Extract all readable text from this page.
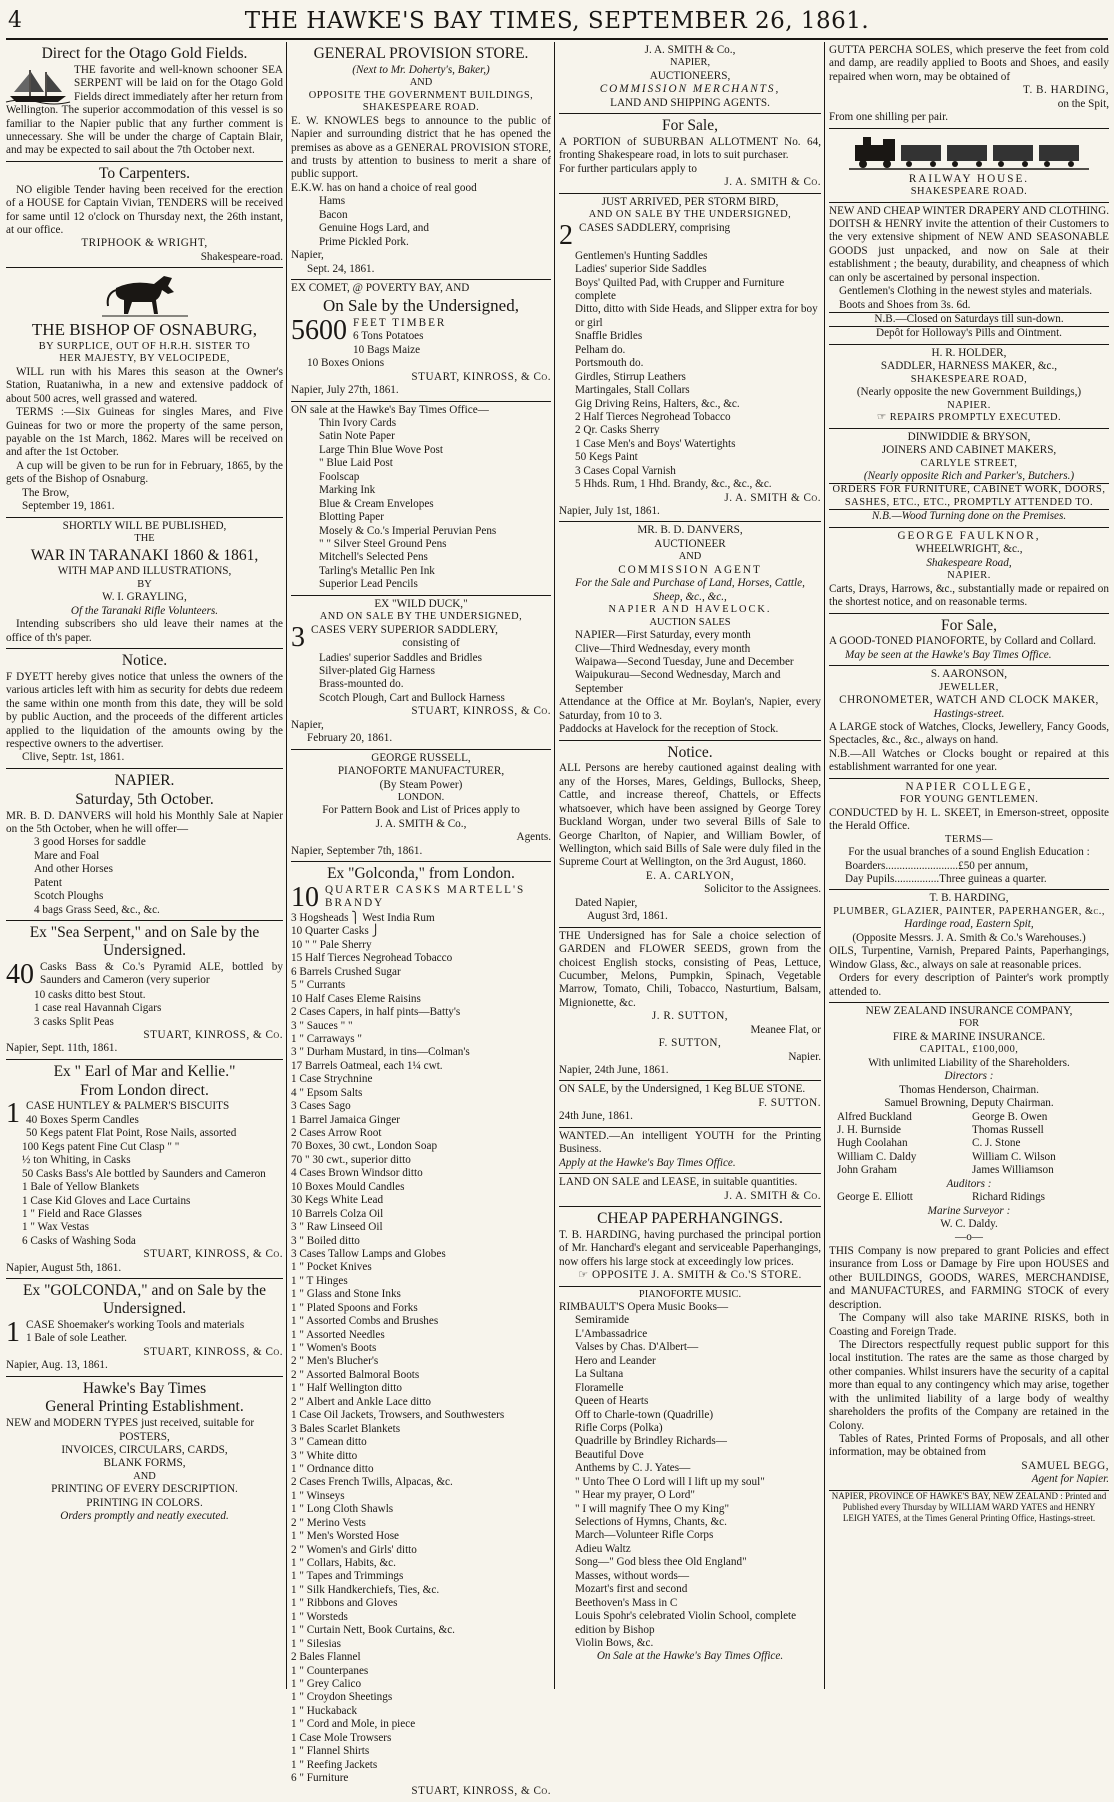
4	THE HAWKE'S BAY TIMES, SEPTEMBER 26, 1861.
Direct for the Otago Gold Fields.

THE favorite and well-known schooner SEA SERPENT will be laid on for the Otago Gold Fields direct immediately after her return from Wellington. The superior accommodation of this vessel is so familiar to the Napier public that any further comment is unnecessary. She will be under the charge of Captain Blair, and may be expected to sail about the 7th October next.

To Carpenters.

NO eligible Tender having been received for the erection of a HOUSE for Captain Vivian, TENDERS will be received for same until 12 o'clock on Thursday next, the 26th instant, at our office.

TRIPHOOK & WRIGHT,
Shakespeare-road.
THE BISHOP OF OSNABURG,
BY SURPLICE, OUT OF H.R.H. SISTER TO
HER MAJESTY, BY VELOCIPEDE,

WILL run with his Mares this season at the Owner's Station, Ruataniwha, in a new and extensive paddock of about 500 acres, well grassed and watered.

TERMS :—Six Guineas for singles Mares, and Five Guineas for two or more the property of the same person, payable on the 1st March, 1862. Mares will be received on and after the 1st October.

A cup will be given to be run for in February, 1865, by the gets of the Bishop of Osnaburg.

The Brow,
September 19, 1861.
SHORTLY WILL BE PUBLISHED,
THE
WAR IN TARANAKI 1860 & 1861,
WITH MAP AND ILLUSTRATIONS,
BY
W. I. GRAYLING,
Of the Taranaki Rifle Volunteers.

Intending subscribers sho uld leave their names at the office of th's paper.

Notice.

F DYETT hereby gives notice that unless the owners of the various articles left with him as security for debts due redeem the same within one month from this date, they will be sold by public Auction, and the proceeds of the different articles applied to the liquidation of the amounts owing by the respective owners to the advertiser.

Clive, Septr. 1st, 1861.
NAPIER.
Saturday, 5th October.

MR. B. D. DANVERS will hold his Monthly Sale at Napier on the 5th October, when he will offer—

3 good Horses for saddle
Mare and Foal
And other Horses
Patent
Scotch Ploughs
4 bags Grass Seed, &c., &c.
Ex "Sea Serpent," and on Sale by the Undersigned.
40 Casks Bass & Co.'s Pyramid ALE, bottled by Saunders and Cameron (very superior

10 casks ditto best Stout.
1 case real Havannah Cigars
3 casks Split Peas
STUART, KINROSS, & Co.
Napier, Sept. 11th, 1861.
Ex " Earl of Mar and Kellie."
From London direct.
1 CASE HUNTLEY & PALMER'S BISCUITS
40 Boxes Sperm Candles
50 Kegs patent Flat Point, Rose Nails, assorted
100 Kegs patent Fine Cut Clasp " "
½ ton Whiting, in Casks
50 Casks Bass's Ale bottled by Saunders and Cameron
1 Bale of Yellow Blankets
1 Case Kid Gloves and Lace Curtains
1 " Field and Race Glasses
1 " Wax Vestas
6 Casks of Washing Soda
STUART, KINROSS, & Co.
Napier, August 5th, 1861.
Ex "GOLCONDA," and on Sale by the Undersigned.
1 CASE Shoemaker's working Tools and materials
1 Bale of sole Leather.
STUART, KINROSS, & Co.
Napier, Aug. 13, 1861.
Hawke's Bay Times
General Printing Establishment.

NEW and MODERN TYPES just received, suitable for

POSTERS,
INVOICES, CIRCULARS, CARDS,
BLANK FORMS,
AND
PRINTING OF EVERY DESCRIPTION.
PRINTING IN COLORS.
Orders promptly and neatly executed.
GENERAL PROVISION STORE.
(Next to Mr. Doherty's, Baker,)
AND
OPPOSITE THE GOVERNMENT BUILDINGS, SHAKESPEARE ROAD.

E. W. KNOWLES begs to announce to the public of Napier and surrounding district that he has opened the premises as above as a GENERAL PROVISION STORE, and trusts by attention to business to merit a share of public support.

E.K.W. has on hand a choice of real good
Hams
Bacon
Genuine Hogs Lard, and
Prime Pickled Pork.
Napier,
Sept. 24, 1861.
EX COMET, @ POVERTY BAY, AND
On Sale by the Undersigned,
5600 FEET TIMBER
6 Tons Potatoes
10 Bags Maize
10 Boxes Onions
STUART, KINROSS, & Co.
Napier, July 27th, 1861.

ON sale at the Hawke's Bay Times Office—

Thin Ivory Cards
Satin Note Paper
Large Thin Blue Wove Post
" Blue Laid Post
Foolscap
Marking Ink
Blue & Cream Envelopes
Blotting Paper
Mosely & Co.'s Imperial Peruvian Pens
" " Silver Steel Ground Pens
Mitchell's Selected Pens
Tarling's Metallic Pen Ink
Superior Lead Pencils
EX "WILD DUCK,"
AND ON SALE BY THE UNDERSIGNED,
3 CASES VERY SUPERIOR SADDLERY,
consisting of
Ladies' superior Saddles and Bridles
Silver-plated Gig Harness
Brass-mounted do.
Scotch Plough, Cart and Bullock Harness
STUART, KINROSS, & Co.
Napier,
February 20, 1861.
GEORGE RUSSELL,
PIANOFORTE MANUFACTURER,
(By Steam Power)
LONDON.
For Pattern Book and List of Prices apply to
J. A. SMITH & Co.,
Agents.
Napier, September 7th, 1861.
Ex "Golconda," from London.
10 QUARTER CASKS MARTELL'S BRANDY
3 Hogsheads ⎫ West India Rum
10 Quarter Casks ⎭
10 " " Pale Sherry
15 Half Tierces Negrohead Tobacco
6 Barrels Crushed Sugar
5 " Currants
10 Half Cases Eleme Raisins
2 Cases Capers, in half pints—Batty's
3 " Sauces " "
1 " Carraways "
3 " Durham Mustard, in tins—Colman's
17 Barrels Oatmeal, each 1¼ cwt.
1 Case Strychnine
4 " Epsom Salts
3 Cases Sago
1 Barrel Jamaica Ginger
2 Cases Arrow Root
70 Boxes, 30 cwt., London Soap
70 " 30 cwt., superior ditto
4 Cases Brown Windsor ditto
10 Boxes Mould Candles
30 Kegs White Lead
10 Barrels Colza Oil
3 " Raw Linseed Oil
3 " Boiled ditto
3 Cases Tallow Lamps and Globes
1 " Pocket Knives
1 " T Hinges
1 " Glass and Stone Inks
1 " Plated Spoons and Forks
1 " Assorted Combs and Brushes
1 " Assorted Needles
1 " Women's Boots
2 " Men's Blucher's
2 " Assorted Balmoral Boots
1 " Half Wellington ditto
2 " Albert and Ankle Lace ditto
1 Case Oil Jackets, Trowsers, and Southwesters
3 Bales Scarlet Blankets
3 " Camean ditto
3 " White ditto
1 " Ordnance ditto
2 Cases French Twills, Alpacas, &c.
1 " Winseys
1 " Long Cloth Shawls
2 " Merino Vests
1 " Men's Worsted Hose
2 " Women's and Girls' ditto
1 " Collars, Habits, &c.
1 " Tapes and Trimmings
1 " Silk Handkerchiefs, Ties, &c.
1 " Ribbons and Gloves
1 " Worsteds
1 " Curtain Nett, Book Curtains, &c.
1 " Silesias
2 Bales Flannel
1 " Counterpanes
1 " Grey Calico
1 " Croydon Sheetings
1 " Huckaback
1 " Cord and Mole, in piece
1 Case Mole Trowsers
1 " Flannel Shirts
1 " Reefing Jackets
6 " Furniture
STUART, KINROSS, & Co.
J. A. SMITH & Co.,
NAPIER,
AUCTIONEERS,
COMMISSION MERCHANTS,
LAND AND SHIPPING AGENTS.
For Sale,

A PORTION of SUBURBAN ALLOTMENT No. 64, fronting Shakespeare road, in lots to suit purchaser.

For further particulars apply to
J. A. SMITH & Co.
JUST ARRIVED, PER STORM BIRD,
AND ON SALE BY THE UNDERSIGNED,
2 CASES SADDLERY, comprising
Gentlemen's Hunting Saddles
Ladies' superior Side Saddles
Boys' Quilted Pad, with Crupper and Furniture complete
Ditto, ditto with Side Heads, and Slipper extra for boy or girl
Snaffle Bridles
Pelham do.
Portsmouth do.
Girdles, Stirrup Leathers
Martingales, Stall Collars
Gig Driving Reins, Halters, &c., &c.
2 Half Tierces Negrohead Tobacco
2 Qr. Casks Sherry
1 Case Men's and Boys' Watertights
50 Kegs Paint
3 Cases Copal Varnish
5 Hhds. Rum, 1 Hhd. Brandy, &c., &c., &c.
J. A. SMITH & Co.
Napier, July 1st, 1861.
MR. B. D. DANVERS,
AUCTIONEER
AND
COMMISSION AGENT
For the Sale and Purchase of Land, Horses, Cattle, Sheep, &c., &c.,
NAPIER AND HAVELOCK.
AUCTION SALES
NAPIER—First Saturday, every month
Clive—Third Wednesday, every month
Waipawa—Second Tuesday, June and December
Waipukurau—Second Wednesday, March and September

Attendance at the Office at Mr. Boylan's, Napier, every Saturday, from 10 to 3.

Paddocks at Havelock for the reception of Stock.

Notice.

ALL Persons are hereby cautioned against dealing with any of the Horses, Mares, Geldings, Bullocks, Sheep, Cattle, and increase thereof, Chattels, or Effects whatsoever, which have been assigned by George Torey Buckland Worgan, under two several Bills of Sale to George Charlton, of Napier, and William Bowler, of Wellington, which said Bills of Sale were duly filed in the Supreme Court at Wellington, on the 3rd August, 1860.

E. A. CARLYON,
Solicitor to the Assignees.
Dated Napier,
August 3rd, 1861.

THE Undersigned has for Sale a choice selection of GARDEN and FLOWER SEEDS, grown from the choicest English stocks, consisting of Peas, Lettuce, Cucumber, Melons, Pumpkin, Spinach, Vegetable Marrow, Tomato, Chili, Tobacco, Nasturtium, Balsam, Mignionette, &c.

J. R. SUTTON,
Meanee Flat, or
F. SUTTON,
Napier.
Napier, 24th June, 1861.

ON SALE, by the Undersigned, 1 Keg BLUE STONE.

F. SUTTON.
24th June, 1861.

WANTED.—An intelligent YOUTH for the Printing Business.

Apply at the Hawke's Bay Times Office.

LAND ON SALE and LEASE, in suitable quantities.

J. A. SMITH & Co.
CHEAP PAPERHANGINGS.

T. B. HARDING, having purchased the principal portion of Mr. Hanchard's elegant and serviceable Paperhangings, now offers his large stock at exceedingly low prices.

☞ OPPOSITE J. A. SMITH & Co.'S STORE.
PIANOFORTE MUSIC.
RIMBAULT'S Opera Music Books—
Semiramide
L'Ambassadrice
Valses by Chas. D'Albert—
Hero and Leander
La Sultana
Floramelle
Queen of Hearts
Off to Charle-town (Quadrille)
Rifle Corps (Polka)
Quadrille by Brindley Richards—
Beautiful Dove
Anthems by C. J. Yates—
" Unto Thee O Lord will I lift up my soul"
" Hear my prayer, O Lord"
" I will magnify Thee O my King"
Selections of Hymns, Chants, &c.
March—Volunteer Rifle Corps
Adieu Waltz
Song—" God bless thee Old England"
Masses, without words—
Mozart's first and second
Beethoven's Mass in C
Louis Spohr's celebrated Violin School, complete edition by Bishop
Violin Bows, &c.
On Sale at the Hawke's Bay Times Office.

GUTTA PERCHA SOLES, which preserve the feet from cold and damp, are readily applied to Boots and Shoes, and easily repaired when worn, may be obtained of

T. B. HARDING,
on the Spit,
From one shilling per pair.
RAILWAY HOUSE.
SHAKESPEARE ROAD.
NEW AND CHEAP WINTER DRAPERY AND CLOTHING.

DOITSH & HENRY invite the attention of their Customers to the very extensive shipment of NEW AND SEASONABLE GOODS just unpacked, and now on Sale at their establishment ; the beauty, durability, and cheapness of which can only be ascertained by personal inspection.

Gentlemen's Clothing in the newest styles and materials.

Boots and Shoes from 3s. 6d.

N.B.—Closed on Saturdays till sun-down.
Depôt for Holloway's Pills and Ointment.
H. R. HOLDER,
SADDLER, HARNESS MAKER, &c.,
SHAKESPEARE ROAD,
(Nearly opposite the new Government Buildings,)
NAPIER.
☞ REPAIRS PROMPTLY EXECUTED.
DINWIDDIE & BRYSON,
JOINERS AND CABINET MAKERS,
CARLYLE STREET,
(Nearly opposite Rich and Parker's, Butchers.)
ORDERS FOR FURNITURE, CABINET WORK, DOORS, SASHES, ETC., ETC., PROMPTLY ATTENDED TO.
N.B.—Wood Turning done on the Premises.
GEORGE FAULKNOR,
WHEELWRIGHT, &c.,
Shakespeare Road,
NAPIER.

Carts, Drays, Harrows, &c., substantially made or repaired on the shortest notice, and on reasonable terms.

For Sale,

A GOOD-TONED PIANOFORTE, by Collard and Collard.

May be seen at the Hawke's Bay Times Office.
S. AARONSON,
JEWELLER,
CHRONOMETER, WATCH AND CLOCK MAKER,
Hastings-street.

A LARGE stock of Watches, Clocks, Jewellery, Fancy Goods, Spectacles, &c., &c., always on hand.

N.B.—All Watches or Clocks bought or repaired at this establishment warranted for one year.

NAPIER COLLEGE,
FOR YOUNG GENTLEMEN.

CONDUCTED by H. L. SKEET, in Emerson-street, opposite the Herald Office.

TERMS—
For the usual branches of a sound English Education :
Boarders..........................£50 per annum,
Day Pupils................Three guineas a quarter.
T. B. HARDING,
PLUMBER, GLAZIER, PAINTER, PAPERHANGER, &c.,
Hardinge road, Eastern Spit,
(Opposite Messrs. J. A. Smith & Co.'s Warehouses.)

OILS, Turpentine, Varnish, Prepared Paints, Paperhangings, Window Glass, &c., always on sale at reasonable prices.

Orders for every description of Painter's work promptly attended to.

NEW ZEALAND INSURANCE COMPANY,
FOR
FIRE & MARINE INSURANCE.
CAPITAL, £100,000,
With unlimited Liability of the Shareholders.
Directors :
Thomas Henderson, Chairman.
Samuel Browning, Deputy Chairman.
Alfred Buckland	George B. Owen
J. H. Burnside	Thomas Russell
Hugh Coolahan	C. J. Stone
William C. Daldy	William C. Wilson
John Graham	James Williamson
Auditors :
George E. Elliott	Richard Ridings
Marine Surveyor :
W. C. Daldy.
—o—

THIS Company is now prepared to grant Policies and effect insurance from Loss or Damage by Fire upon HOUSES and other BUILDINGS, GOODS, WARES, MERCHANDISE, and MANUFACTURES, and FARMING STOCK of every description.

The Company will also take MARINE RISKS, both in Coasting and Foreign Trade.

The Directors respectfully request public support for this local institution. The rates are the same as those charged by other companies. Whilst insurers have the security of a capital more than equal to any contingency which may arise, together with the unlimited liability of a large body of wealthy shareholders the profits of the Company are retained in the Colony.

Tables of Rates, Printed Forms of Proposals, and all other information, may be obtained from

SAMUEL BEGG,
Agent for Napier.
NAPIER, PROVINCE OF HAWKE'S BAY, NEW ZEALAND : Printed and Published every Thursday by WILLIAM WARD YATES and HENRY LEIGH YATES, at the Times General Printing Office, Hastings-street.
